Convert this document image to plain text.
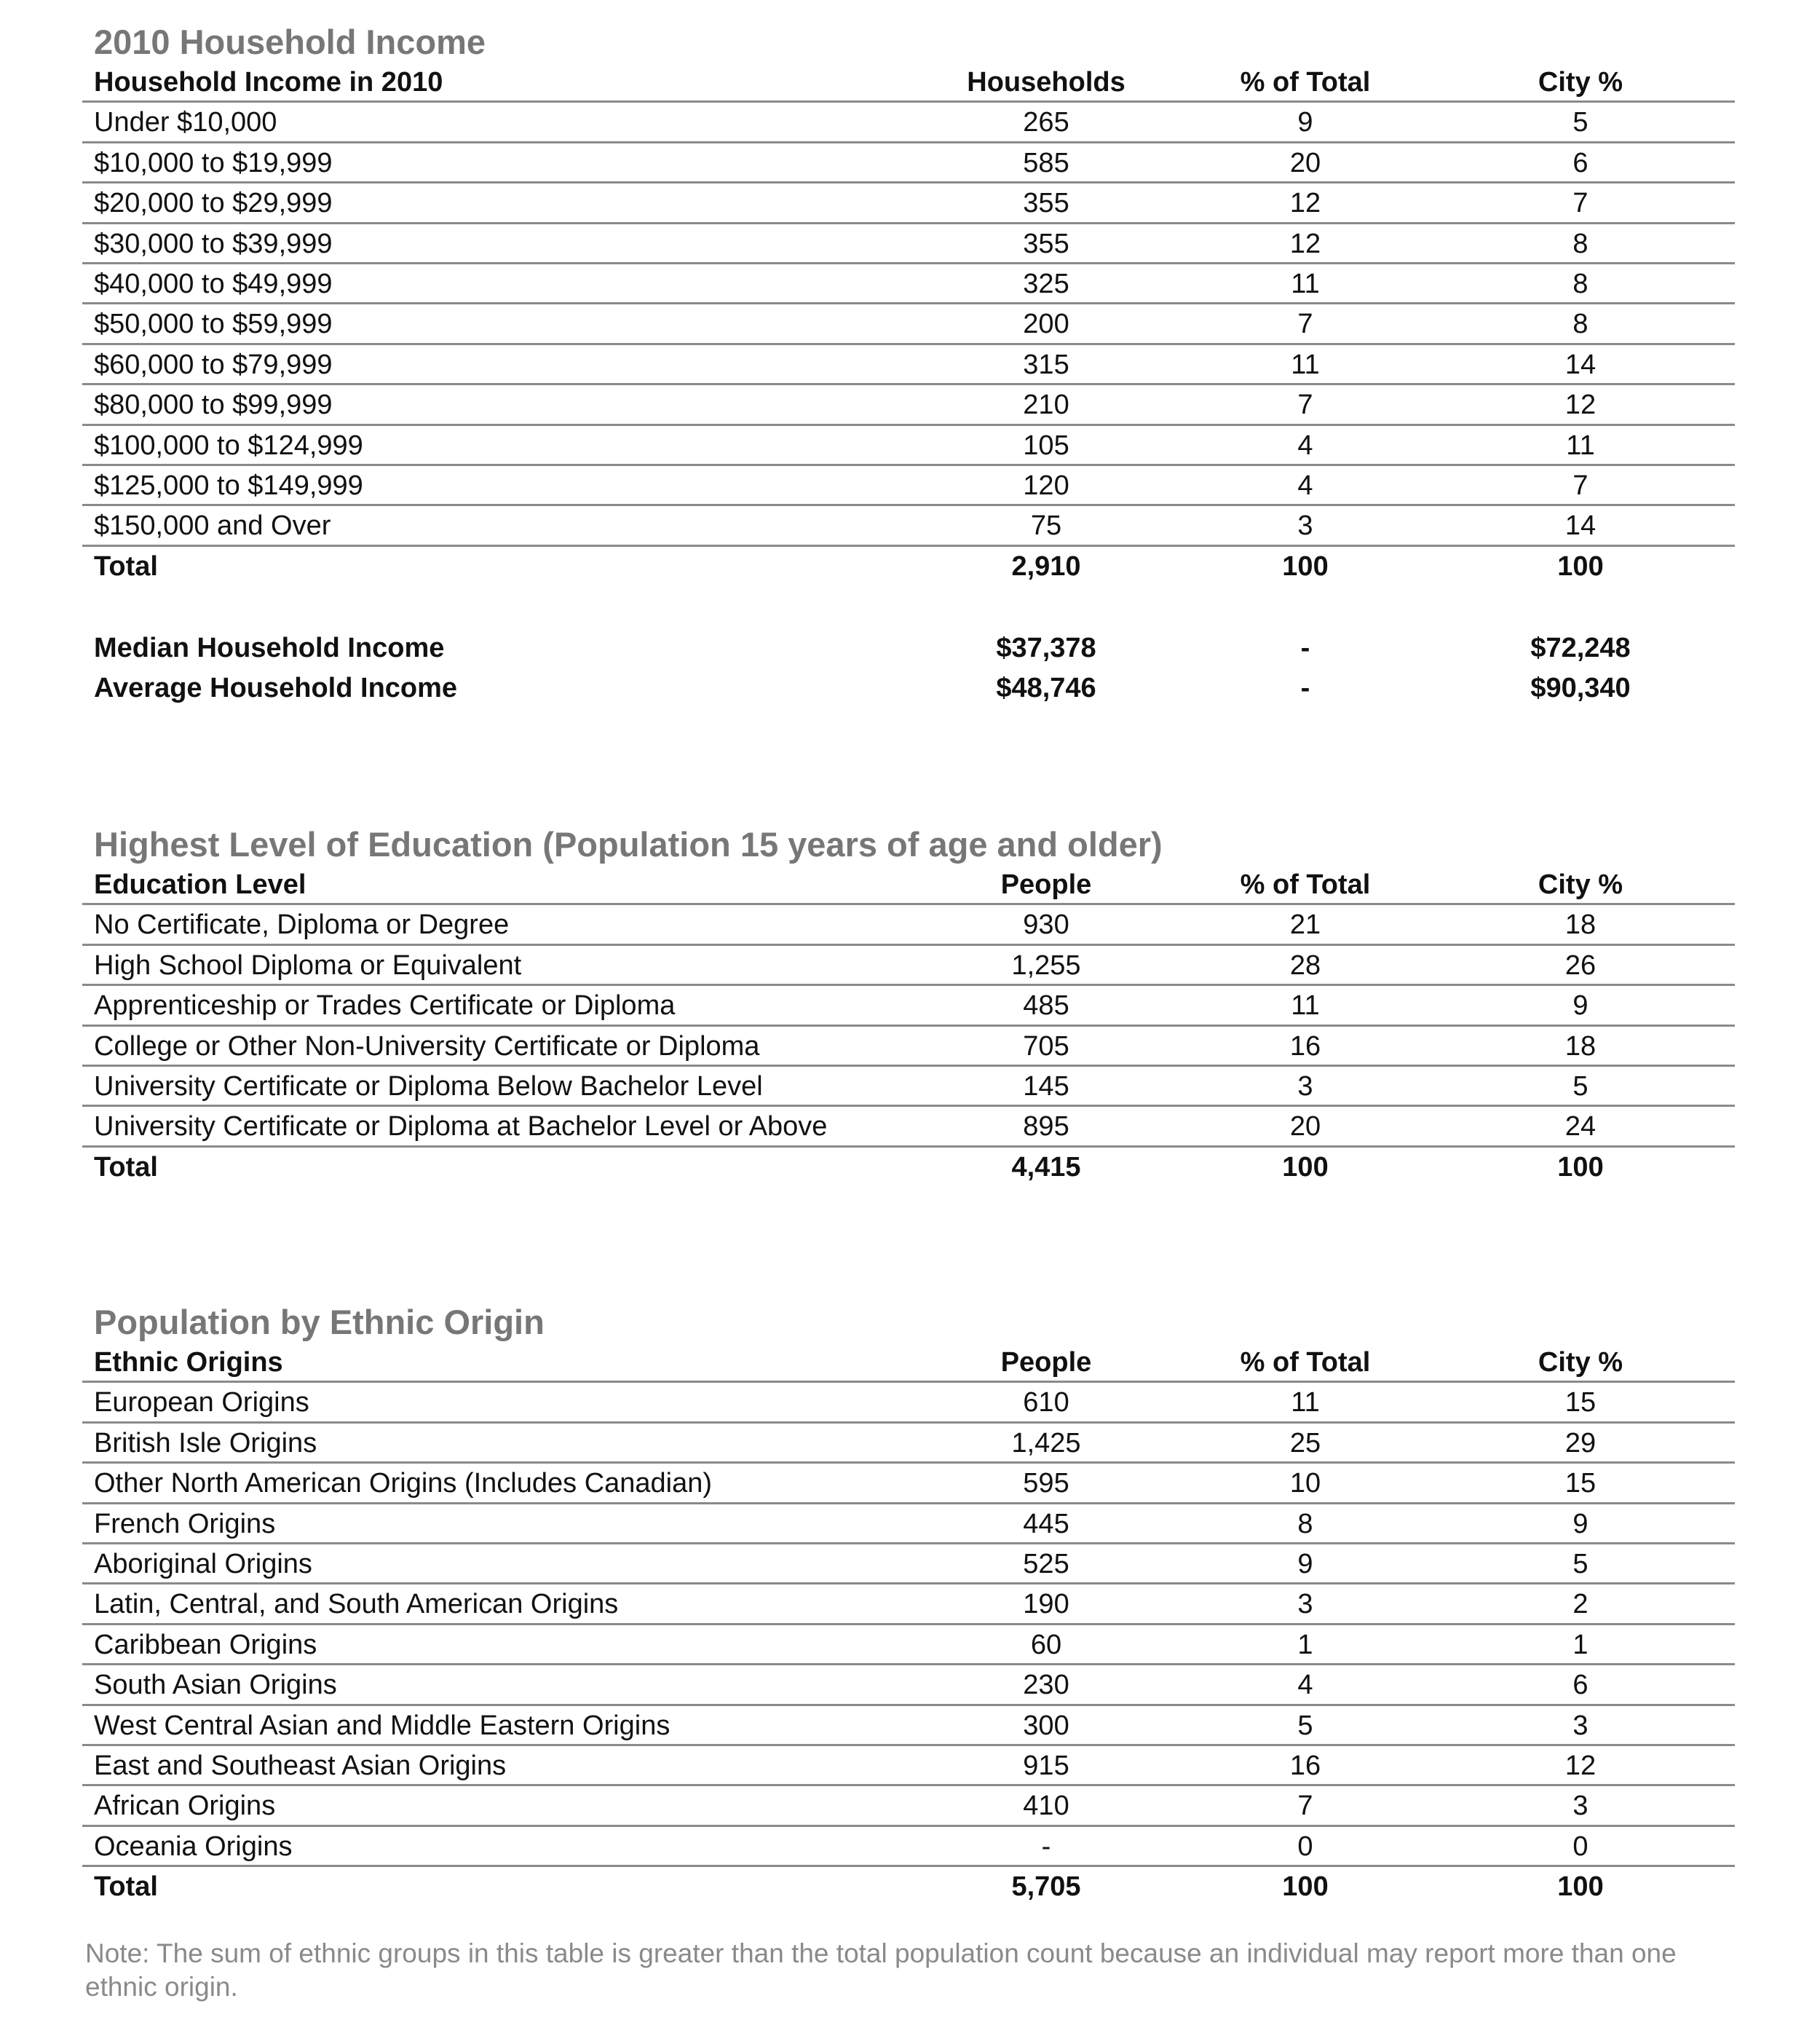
2010 Household Income
Household Income in 2010	Households	% of Total	City %
Under $10,000	265	9	5
$10,000 to $19,999	585	20	6
$20,000 to $29,999	355	12	7
$30,000 to $39,999	355	12	8
$40,000 to $49,999	325	11	8
$50,000 to $59,999	200	7	8
$60,000 to $79,999	315	11	14
$80,000 to $99,999	210	7	12
$100,000 to $124,999	105	4	11
$125,000 to $149,999	120	4	7
$150,000 and Over	75	3	14
Total	2,910	100	100
Median Household Income	$37,378	-	$72,248
Average Household Income	$48,746	-	$90,340
Highest Level of Education (Population 15 years of age and older)
Education Level	People	% of Total	City %
No Certificate, Diploma or Degree	930	21	18
High School Diploma or Equivalent	1,255	28	26
Apprenticeship or Trades Certificate or Diploma	485	11	9
College or Other Non-University Certificate or Diploma	705	16	18
University Certificate or Diploma Below Bachelor Level	145	3	5
University Certificate or Diploma at Bachelor Level or Above	895	20	24
Total	4,415	100	100
Population by Ethnic Origin
Ethnic Origins	People	% of Total	City %
European Origins	610	11	15
British Isle Origins	1,425	25	29
Other North American Origins (Includes Canadian)	595	10	15
French Origins	445	8	9
Aboriginal Origins	525	9	5
Latin, Central, and South American Origins	190	3	2
Caribbean Origins	60	1	1
South Asian Origins	230	4	6
West Central Asian and Middle Eastern Origins	300	5	3
East and Southeast Asian Origins	915	16	12
African Origins	410	7	3
Oceania Origins	-	0	0
Total	5,705	100	100
Note: The sum of ethnic groups in this table is greater than the total population count because an individual may report more than one ethnic origin.
